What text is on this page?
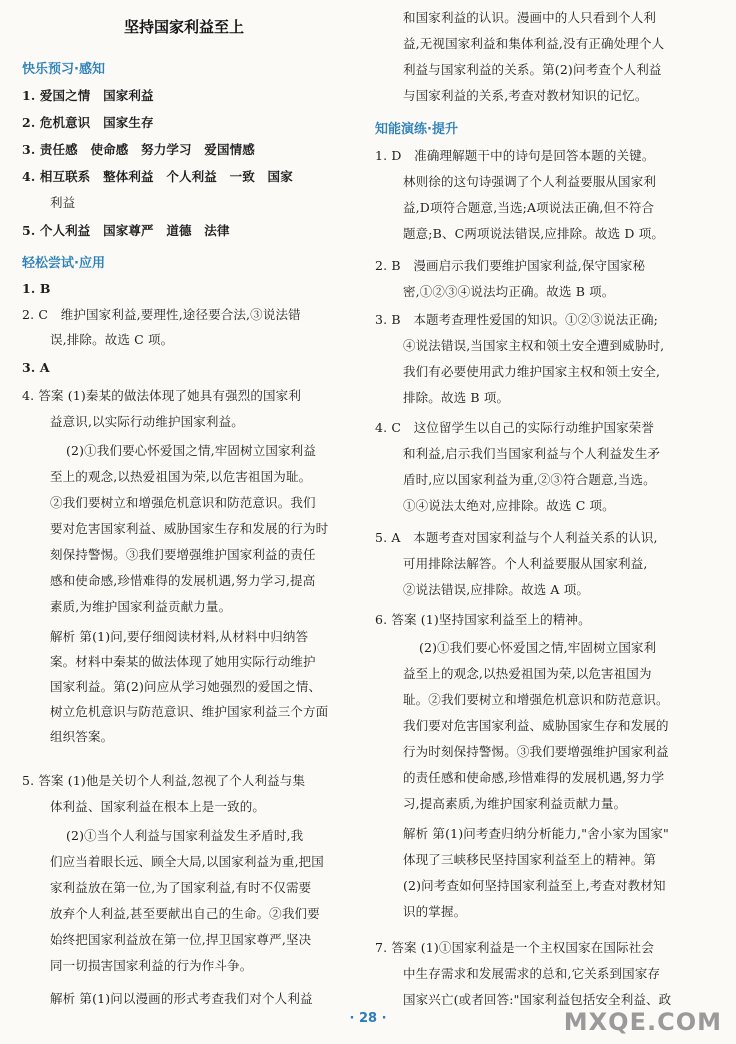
坚持国家利益至上
快乐预习·感知
1. 爱国之情　国家利益
2. 危机意识　国家生存
3. 责任感　使命感　努力学习　爱国情感
4. 相互联系　整体利益　个人利益　一致　国家
利益
5. 个人利益　国家尊严　道德　法律
轻松尝试·应用
1. B
2. C　维护国家利益,要理性,途径要合法,③说法错
误,排除。故选 C 项。
3. A
4. 答案 (1)秦某的做法体现了她具有强烈的国家利
益意识,以实际行动维护国家利益。
(2)①我们要心怀爱国之情,牢固树立国家利益
至上的观念,以热爱祖国为荣,以危害祖国为耻。
②我们要树立和增强危机意识和防范意识。我们
要对危害国家利益、威胁国家生存和发展的行为时
刻保持警惕。③我们要增强维护国家利益的责任
感和使命感,珍惜难得的发展机遇,努力学习,提高
素质,为维护国家利益贡献力量。
解析 第(1)问,要仔细阅读材料,从材料中归纳答
案。材料中秦某的做法体现了她用实际行动维护
国家利益。第(2)问应从学习她强烈的爱国之情、
树立危机意识与防范意识、维护国家利益三个方面
组织答案。
5. 答案 (1)他是关切个人利益,忽视了个人利益与集
体利益、国家利益在根本上是一致的。
(2)①当个人利益与国家利益发生矛盾时,我
们应当着眼长远、顾全大局,以国家利益为重,把国
家利益放在第一位,为了国家利益,有时不仅需要
放弃个人利益,甚至要献出自己的生命。②我们要
始终把国家利益放在第一位,捍卫国家尊严,坚决
同一切损害国家利益的行为作斗争。
解析 第(1)问以漫画的形式考查我们对个人利益
和国家利益的认识。漫画中的人只看到个人利
益,无视国家利益和集体利益,没有正确处理个人
利益与国家利益的关系。第(2)问考查个人利益
与国家利益的关系,考查对教材知识的记忆。
知能演练·提升
1. D　准确理解题干中的诗句是回答本题的关键。
林则徐的这句诗强调了个人利益要服从国家利
益,D项符合题意,当选;A项说法正确,但不符合
题意;B、C两项说法错误,应排除。故选 D 项。
2. B　漫画启示我们要维护国家利益,保守国家秘
密,①②③④说法均正确。故选 B 项。
3. B　本题考查理性爱国的知识。①②③说法正确;
④说法错误,当国家主权和领土安全遭到威胁时,
我们有必要使用武力维护国家主权和领土安全,
排除。故选 B 项。
4. C　这位留学生以自己的实际行动维护国家荣誉
和利益,启示我们当国家利益与个人利益发生矛
盾时,应以国家利益为重,②③符合题意,当选。
①④说法太绝对,应排除。故选 C 项。
5. A　本题考查对国家利益与个人利益关系的认识,
可用排除法解答。个人利益要服从国家利益,
②说法错误,应排除。故选 A 项。
6. 答案 (1)坚持国家利益至上的精神。
(2)①我们要心怀爱国之情,牢固树立国家利
益至上的观念,以热爱祖国为荣,以危害祖国为
耻。②我们要树立和增强危机意识和防范意识。
我们要对危害国家利益、威胁国家生存和发展的
行为时刻保持警惕。③我们要增强维护国家利益
的责任感和使命感,珍惜难得的发展机遇,努力学
习,提高素质,为维护国家利益贡献力量。
解析 第(1)问考查归纳分析能力,"舍小家为国家"
体现了三峡移民坚持国家利益至上的精神。第
(2)问考查如何坚持国家利益至上,考查对教材知
识的掌握。
7. 答案 (1)①国家利益是一个主权国家在国际社会
中生存需求和发展需求的总和,它关系到国家存
国家兴亡(或者回答:"国家利益包括安全利益、政
· 28 ·	MXQE.COM
